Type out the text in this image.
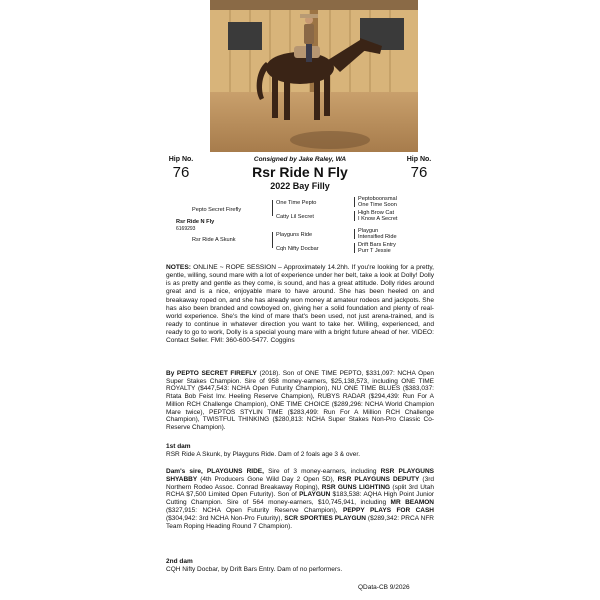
Hip No.
76
Hip No.
76
Consigned by Jake Raley, WA
Rsr Ride N Fly
2022 Bay Filly
Pepto Secret Firefly
Rsr Ride N Fly
6169293
Rsr Ride A Skunk
One Time Pepto
Catty Lil Secret
Playguns Ride
Cqh Nifty Docbar
Peptoboonsmal
One Time Soon
High Brow Cat
I Know A Secret
Playgun
Intensified Ride
Drift Bars Entry
Purr T Jessie
NOTES: ONLINE ~ ROPE SESSION – Approximately 14.2hh. If you're looking for a pretty, gentle, willing, sound mare with a lot of experience under her belt, take a look at Dolly! Dolly is as pretty and gentle as they come, is sound, and has a great attitude. Dolly rides around great and is a nice, enjoyable mare to have around. She has been heeled on and breakaway roped on, and she has already won money at amateur rodeos and jackpots. She has also been branded and cowboyed on, giving her a solid foundation and plenty of real-world experience. She's the kind of mare that's been used, not just arena-trained, and is ready to continue in whatever direction you want to take her. Willing, experienced, and ready to go to work, Dolly is a special young mare with a bright future ahead of her. VIDEO: Contact Seller. FMI: 360-600-5477. Coggins
By PEPTO SECRET FIREFLY (2018). Son of ONE TIME PEPTO, $331,097: NCHA Open Super Stakes Champion. Sire of 958 money-earners, $25,138,573, including ONE TIME ROYALTY ($447,543: NCHA Open Futurity Champion), NU ONE TIME BLUES ($383,037: Rtata Bob Feist Inv. Heeling Reserve Champion), RUBYS RADAR ($294,439: Run For A Million RCH Challenge Champion), ONE TIME CHOICE ($289,296: NCHA World Champion Mare twice), PEPTOS STYLIN TIME ($283,499: Run For A Million RCH Challenge Champion), TWISTFUL THINKING ($280,813: NCHA Super Stakes Non-Pro Classic Co-Reserve Champion).
1st dam
RSR Ride A Skunk, by Playguns Ride. Dam of 2 foals age 3 & over.
Dam's sire, PLAYGUNS RIDE, Sire of 3 money-earners, including RSR PLAYGUNS SHYABBY (4th Producers Gone Wild Day 2 Open 5D), RSR PLAYGUNS DEPUTY (3rd Northern Rodeo Assoc. Conrad Breakaway Roping), RSR GUNS LIGHTING (split 3rd Utah RCHA $7,500 Limited Open Futurity). Son of PLAYGUN $183,538: AQHA High Point Junior Cutting Champion. Sire of 564 money-earners, $10,745,941, including MR BEAMON ($327,915: NCHA Open Futurity Reserve Champion), PEPPY PLAYS FOR CASH ($304,942: 3rd NCHA Non-Pro Futurity), SCR SPORTIES PLAYGUN ($289,342: PRCA NFR Team Roping Heading Round 7 Champion).
2nd dam
CQH Nifty Docbar, by Drift Bars Entry. Dam of no performers.
QData-CB 9/2026
